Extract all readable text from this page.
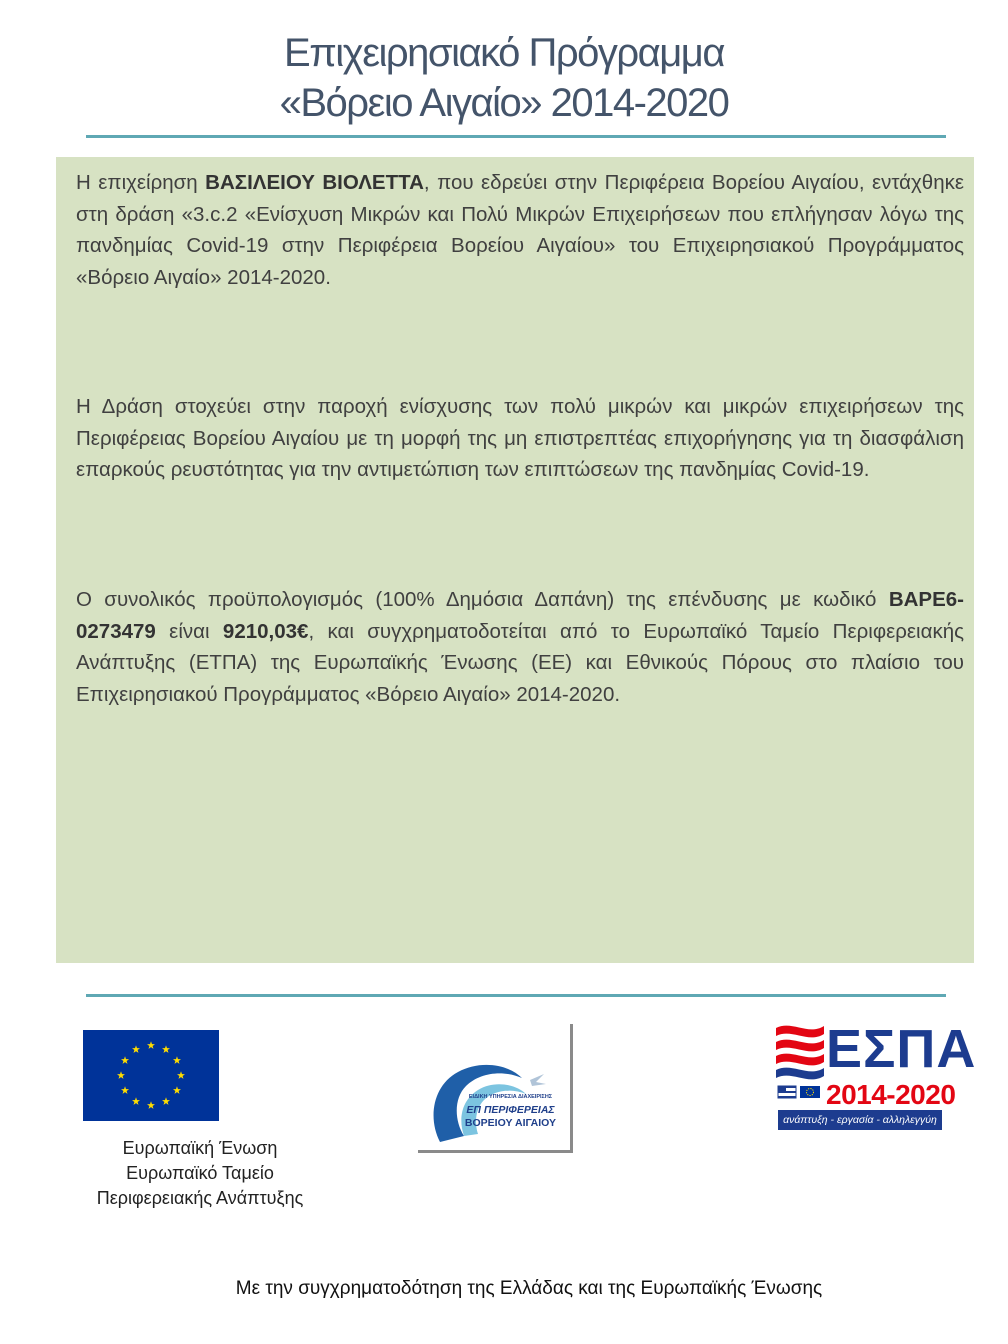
Επιχειρησιακό Πρόγραμμα
«Βόρειο Αιγαίο» 2014-2020

Η επιχείρηση ΒΑΣΙΛΕΙΟΥ ΒΙΟΛΕΤΤΑ, που εδρεύει στην Περιφέρεια Βορείου Αιγαίου, εντάχθηκε στη δράση «3.c.2 «Ενίσχυση Μικρών και Πολύ Μικρών Επιχειρήσεων που επλήγησαν λόγω της πανδημίας Covid-19 στην Περιφέρεια Βορείου Αιγαίου» του Επιχειρησιακού Προγράμματος «Βόρειο Αιγαίο» 2014-2020.

Η Δράση στοχεύει στην παροχή ενίσχυσης των πολύ μικρών και μικρών επιχειρήσεων της Περιφέρειας Βορείου Αιγαίου με τη μορφή της μη επιστρεπτέας επιχορήγησης για τη διασφάλιση επαρκούς ρευστότητας για την αντιμετώπιση των επιπτώσεων της πανδημίας Covid-19.

Ο συνολικός προϋπολογισμός (100% Δημόσια Δαπάνη) της επένδυσης με κωδικό ΒΑΡΕ6-0273479 είναι 9210,03€, και συγχρηματοδοτείται από το Ευρωπαϊκό Ταμείο Περιφερειακής Ανάπτυξης (ΕΤΠΑ) της Ευρωπαϊκής Ένωσης (ΕΕ) και Εθνικούς Πόρους στο πλαίσιο του Επιχειρησιακού Προγράμματος «Βόρειο Αιγαίο» 2014-2020.

Ευρωπαϊκή Ένωση
Ευρωπαϊκό Ταμείο
Περιφερειακής Ανάπτυξης
ΕΙΔΙΚΗ ΥΠΗΡΕΣΙΑ ΔΙΑΧΕΙΡΙΣΗΣ
ΕΠ ΠΕΡΙΦΕΡΕΙΑΣ
ΒΟΡΕΙΟΥ ΑΙΓΑΙΟΥ
ΕΣΠΑ
2014-2020
ανάπτυξη - εργασία - αλληλεγγύη
Με την συγχρηματοδότηση της Ελλάδας και της Ευρωπαϊκής Ένωσης
